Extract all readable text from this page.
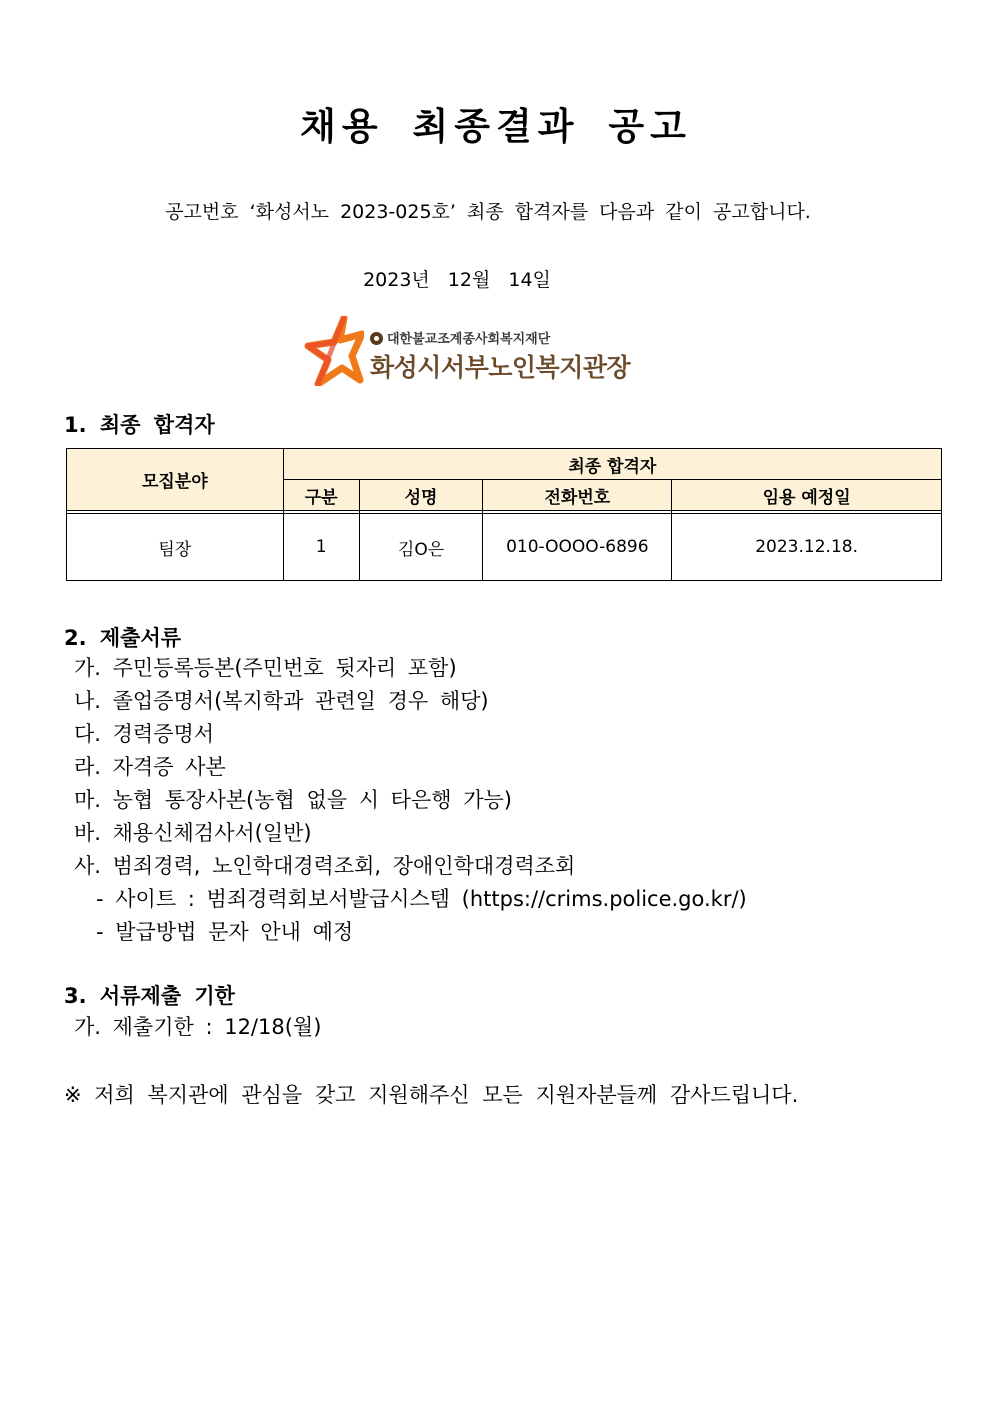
채용 최종결과 공고
공고번호 ‘화성서노 2023-025호’ 최종 합격자를 다음과 같이 공고합니다.
2023년 12월 14일
대한불교조계종사회복지재단
화성시서부노인복지관장
1. 최종 합격자
모집분야	최종 합격자			
	구분	성명	전화번호	임용 예정일

팀장	1	김O은	010-OOOO-6896	2023.12.18.
2. 제출서류
가. 주민등록등본(주민번호 뒷자리 포함)
나. 졸업증명서(복지학과 관련일 경우 해당)
다. 경력증명서
라. 자격증 사본
마. 농협 통장사본(농협 없을 시 타은행 가능)
바. 채용신체검사서(일반)
사. 범죄경력, 노인학대경력조회, 장애인학대경력조회
- 사이트 : 범죄경력회보서발급시스템 (https://crims.police.go.kr/)
- 발급방법 문자 안내 예정
3. 서류제출 기한
가. 제출기한 : 12/18(월)
※ 저희 복지관에 관심을 갖고 지원해주신 모든 지원자분들께 감사드립니다.
